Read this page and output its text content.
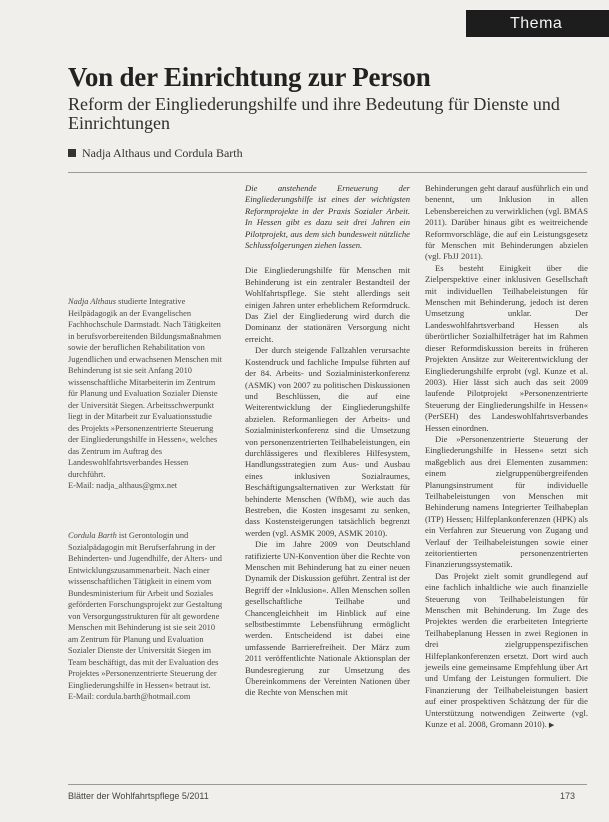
Thema
Von der Einrichtung zur Person
Reform der Eingliederungshilfe und ihre Bedeutung für Dienste und Einrichtungen
Nadja Althaus und Cordula Barth

Nadja Althaus studierte Integrative Heilpädagogik an der Evangelischen Fachhochschule Darmstadt. Nach Tätigkeiten in berufsvorbereitenden Bildungsmaßnahmen sowie der beruflichen Rehabilitation von Jugendlichen und erwachsenen Menschen mit Behinderung ist sie seit Anfang 2010 wissenschaftliche Mitarbeiterin im Zentrum für Planung und Evaluation Sozialer Dienste der Universität Siegen. Arbeitsschwerpunkt liegt in der Mitarbeit zur Evaluationsstudie des Projekts »Personenzentrierte Steuerung der Eingliederungshilfe in Hessen«, welches das Zentrum im Auftrag des Landeswohlfahrtsverbandes Hessen durchführt.
E-Mail: nadja_althaus@gmx.net

Cordula Barth ist Gerontologin und Sozialpädagogin mit Berufserfahrung in der Behinderten- und Jugendhilfe, der Alters- und Entwicklungszusammenarbeit. Nach einer wissenschaftlichen Tätigkeit in einem vom Bundesministerium für Arbeit und Soziales geförderten Forschungsprojekt zur Gestaltung von Versorgungsstrukturen für alt gewordene Menschen mit Behinderung ist sie seit 2010 am Zentrum für Planung und Evaluation Sozialer Dienste der Universität Siegen im Team beschäftigt, das mit der Evaluation des Projektes »Personenzentrierte Steuerung der Eingliederungshilfe in Hessen« betraut ist.
E-Mail: cordula.barth@hotmail.com

Die anstehende Erneuerung der Eingliederungshilfe ist eines der wichtigsten Reformprojekte in der Praxis Sozialer Arbeit. In Hessen gibt es dazu seit drei Jahren ein Pilotprojekt, aus dem sich bundesweit nützliche Schlussfolgerungen ziehen lassen.

Die Eingliederungshilfe für Menschen mit Behinderung ist ein zentraler Bestandteil der Wohlfahrtspflege. Sie steht allerdings seit einigen Jahren unter erheblichem Reformdruck. Das Ziel der Eingliederung wird durch die Dominanz der stationären Versorgung nicht erreicht.

Der durch steigende Fallzahlen verursachte Kostendruck und fachliche Impulse führten auf der 84. Arbeits- und Sozialministerkonferenz (ASMK) von 2007 zu politischen Diskussionen und Beschlüssen, die auf eine Weiterentwicklung der Eingliederungshilfe abzielen. Reformanliegen der Arbeits- und Sozialministerkonferenz sind die Umsetzung von personenzentrierten Teilhabeleistungen, ein durchlässigeres und flexibleres Hilfesystem, Handlungsstrategien zum Aus- und Ausbau eines inklusiven Sozialraumes, Beschäftigungsalternativen zur Werkstatt für behinderte Menschen (WfbM), wie auch das Bestreben, die Kosten insgesamt zu senken, dass Kostensteigerungen tatsächlich begrenzt werden (vgl. ASMK 2009, ASMK 2010).

Die im Jahre 2009 von Deutschland ratifizierte UN-Konvention über die Rechte von Menschen mit Behinderung hat zu einer neuen Dynamik der Diskussion geführt. Zentral ist der Begriff der »Inklusion«. Allen Menschen sollen gesellschaftliche Teilhabe und Chancengleichheit im Hinblick auf eine selbstbestimmte Lebensführung ermöglicht werden. Entscheidend ist dabei eine umfassende Barrierefreiheit. Der März zum 2011 veröffentlichte Nationale Aktionsplan der Bundesregierung zur Umsetzung des Übereinkommens der Vereinten Nationen über die Rechte von Menschen mit

Behinderungen geht darauf ausführlich ein und benennt, um Inklusion in allen Lebensbereichen zu verwirklichen (vgl. BMAS 2011). Darüber hinaus gibt es weitreichende Reformvorschläge, die auf ein Leistungsgesetz für Menschen mit Behinderungen abzielen (vgl. FbJJ 2011).

Es besteht Einigkeit über die Zielperspektive einer inklusiven Gesellschaft mit individuellen Teilhabeleistungen für Menschen mit Behinderung, jedoch ist deren Umsetzung unklar. Der Landeswohlfahrtsverband Hessen als überörtlicher Sozialhilfeträger hat im Rahmen dieser Reformdiskussion bereits in früheren Projekten Ansätze zur Weiterentwicklung der Eingliederungshilfe erprobt (vgl. Kunze et al. 2003). Hier lässt sich auch das seit 2009 laufende Pilotprojekt »Personenzentrierte Steuerung der Eingliederungshilfe in Hessen« (PerSEH) des Landeswohlfahrtsverbandes Hessen einordnen.

Die »Personenzentrierte Steuerung der Eingliederungshilfe in Hessen« setzt sich maßgeblich aus drei Elementen zusammen: einem zielgruppenübergreifenden Planungsinstrument für individuelle Teilhabeleistungen von Menschen mit Behinderung namens Integrierter Teilhabeplan (ITP) Hessen; Hilfeplankonferenzen (HPK) als ein Verfahren zur Steuerung von Zugang und Verlauf der Teilhabeleistungen sowie einer zeitorientierten personenzentrierten Finanzierungssystematik.

Das Projekt zielt somit grundlegend auf eine fachlich inhaltliche wie auch finanzielle Steuerung von Teilhabeleistungen für Menschen mit Behinderung. Im Zuge des Projektes werden die erarbeiteten Integrierte Teilhabeplanung Hessen in zwei Regionen in drei zielgruppenspezifischen Hilfeplankonferenzen ersetzt. Dort wird auch jeweils eine gemeinsame Empfehlung über Art und Umfang der Leistungen formuliert. Die Finanzierung der Teilhabeleistungen basiert auf einer prospektiven Schätzung der für die Unterstützung notwendigen Zeitwerte (vgl. Kunze et al. 2008, Gromann 2010). ▶

Blätter der Wohlfahrtspflege 5/2011	173
